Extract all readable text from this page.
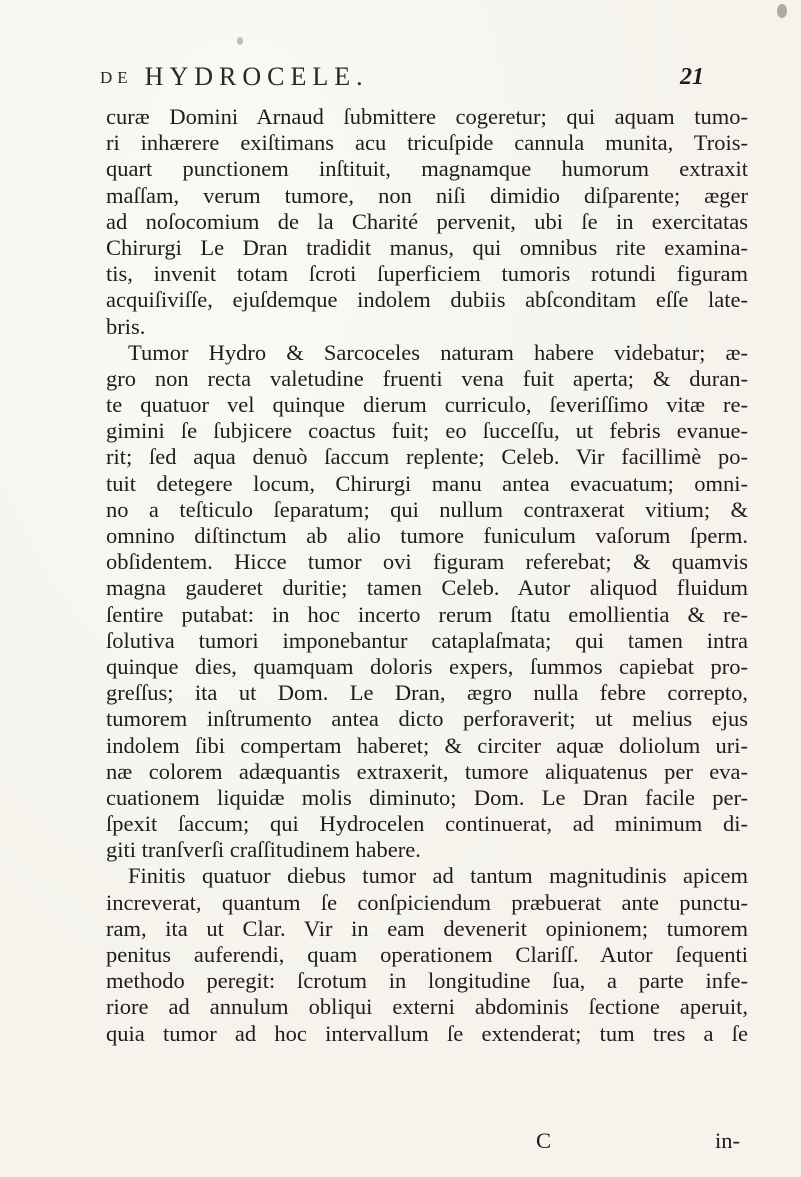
DE HYDROCELE.	21
curæ Domini Arnaud ſubmittere cogeretur; qui aquam tumo-
ri inhærere exiſtimans acu tricuſpide cannula munita, Trois-
quart punctionem inſtituit, magnamque humorum extraxit
maſſam, verum tumore, non niſi dimidio diſparente; æger
ad noſocomium de la Charité pervenit, ubi ſe in exercitatas
Chirurgi Le Dran tradidit manus, qui omnibus rite examina-
tis, invenit totam ſcroti ſuperficiem tumoris rotundi figuram
acquiſiviſſe, ejuſdemque indolem dubiis abſconditam eſſe late-
bris.
Tumor Hydro & Sarcoceles naturam habere videbatur; æ-
gro non recta valetudine fruenti vena fuit aperta; & duran-
te quatuor vel quinque dierum curriculo, ſeveriſſimo vitæ re-
gimini ſe ſubjicere coactus fuit; eo ſucceſſu, ut febris evanue-
rit; ſed aqua denuò ſaccum replente; Celeb. Vir facillimè po-
tuit detegere locum, Chirurgi manu antea evacuatum; omni-
no a teſticulo ſeparatum; qui nullum contraxerat vitium; &
omnino diſtinctum ab alio tumore funiculum vaſorum ſperm.
obſidentem. Hicce tumor ovi figuram referebat; & quamvis
magna gauderet duritie; tamen Celeb. Autor aliquod fluidum
ſentire putabat: in hoc incerto rerum ſtatu emollientia & re-
ſolutiva tumori imponebantur cataplaſmata; qui tamen intra
quinque dies, quamquam doloris expers, ſummos capiebat pro-
greſſus; ita ut Dom. Le Dran, ægro nulla febre correpto,
tumorem inſtrumento antea dicto perforaverit; ut melius ejus
indolem ſibi compertam haberet; & circiter aquæ doliolum uri-
næ colorem adæquantis extraxerit, tumore aliquatenus per eva-
cuationem liquidæ molis diminuto; Dom. Le Dran facile per-
ſpexit ſaccum; qui Hydrocelen continuerat, ad minimum di-
giti tranſverſi craſſitudinem habere.
Finitis quatuor diebus tumor ad tantum magnitudinis apicem
increverat, quantum ſe conſpiciendum præbuerat ante punctu-
ram, ita ut Clar. Vir in eam devenerit opinionem; tumorem
penitus auferendi, quam operationem Clariſſ. Autor ſequenti
methodo peregit: ſcrotum in longitudine ſua, a parte infe-
riore ad annulum obliqui externi abdominis ſectione aperuit,
quia tumor ad hoc intervallum ſe extenderat; tum tres a ſe
C	in-
